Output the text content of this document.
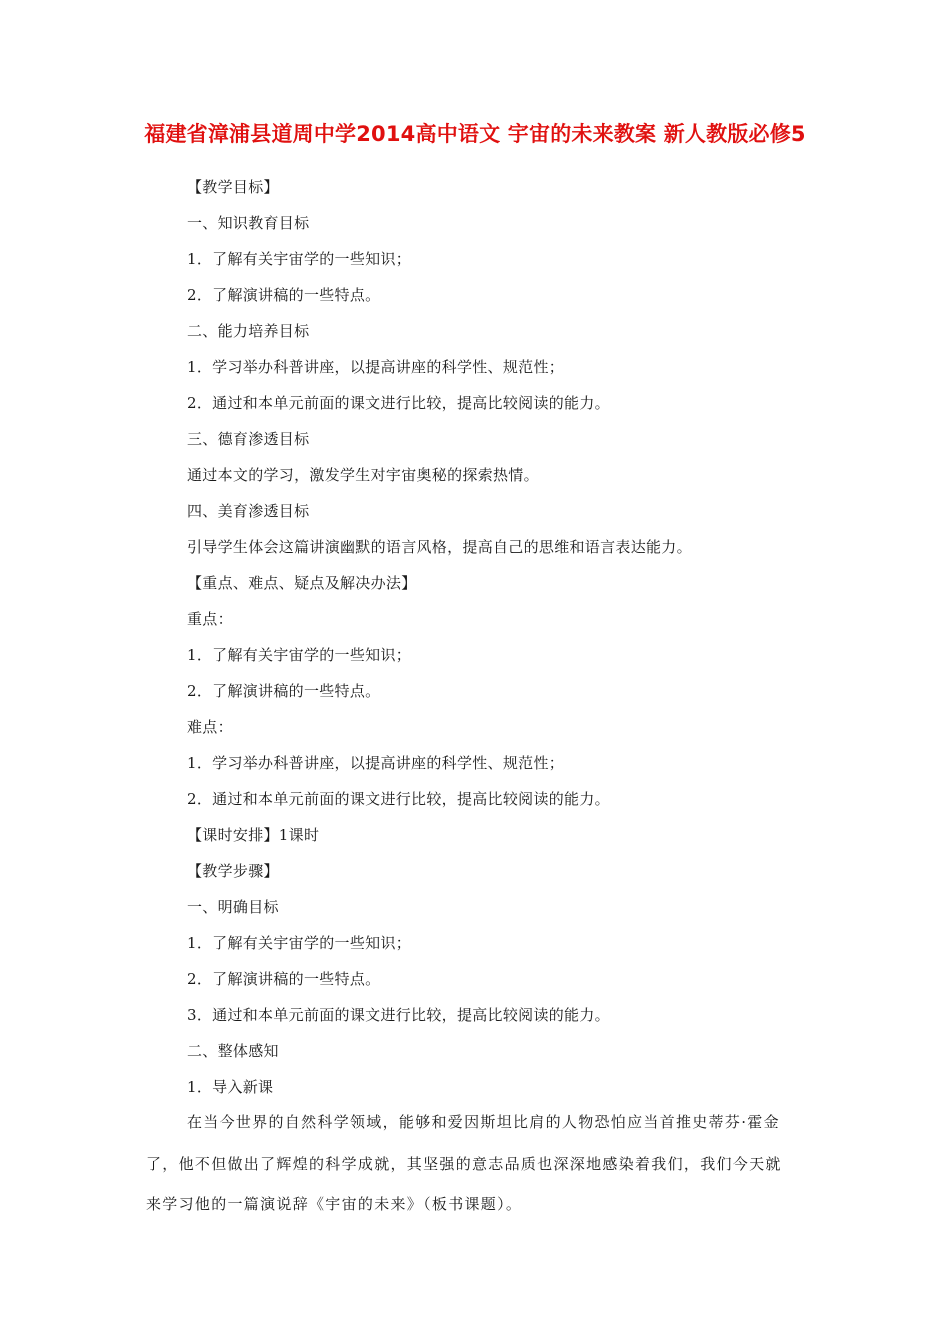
福建省漳浦县道周中学2014高中语文 宇宙的未来教案 新人教版必修5
【教学目标】
一、知识教育目标
1．了解有关宇宙学的一些知识；
2．了解演讲稿的一些特点。
二、能力培养目标
1．学习举办科普讲座，以提高讲座的科学性、规范性；
2．通过和本单元前面的课文进行比较，提高比较阅读的能力。
三、德育渗透目标
通过本文的学习，激发学生对宇宙奥秘的探索热情。
四、美育渗透目标
引导学生体会这篇讲演幽默的语言风格，提高自己的思维和语言表达能力。
【重点、难点、疑点及解决办法】
重点：
1．了解有关宇宙学的一些知识；
2．了解演讲稿的一些特点。
难点：
1．学习举办科普讲座，以提高讲座的科学性、规范性；
2．通过和本单元前面的课文进行比较，提高比较阅读的能力。
【课时安排】1课时
【教学步骤】
一、明确目标
1．了解有关宇宙学的一些知识；
2．了解演讲稿的一些特点。
3．通过和本单元前面的课文进行比较，提高比较阅读的能力。
二、整体感知
1．导入新课
在当今世界的自然科学领域，能够和爱因斯坦比肩的人物恐怕应当首推史蒂芬·霍金
了，他不但做出了辉煌的科学成就，其坚强的意志品质也深深地感染着我们，我们今天就
来学习他的一篇演说辞《宇宙的未来》（板书课题）。
